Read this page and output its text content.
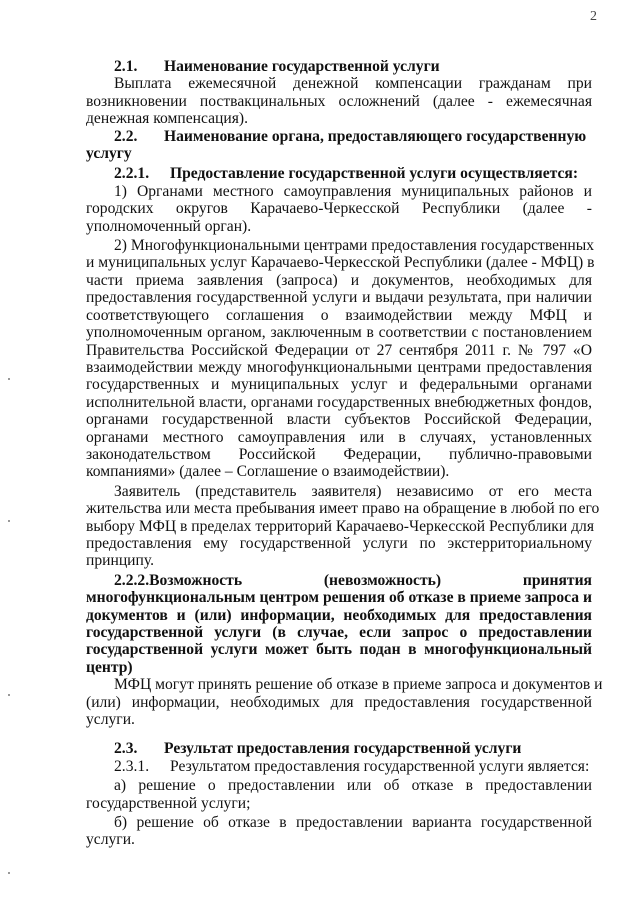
2
2.1. Наименование государственной услуги
Выплата ежемесячной денежной компенсации гражданам при
возникновении поствакцинальных осложнений (далее - ежемесячная
денежная компенсация).
2.2. Наименование органа, предоставляющего государственную
услугу
2.2.1. Предоставление государственной услуги осуществляется:
1) Органами местного самоуправления муниципальных районов и
городских округов Карачаево-Черкесской Республики (далее -
уполномоченный орган).
2) Многофункциональными центрами предоставления государственных
и муниципальных услуг Карачаево-Черкесской Республики (далее - МФЦ) в
части приема заявления (запроса) и документов, необходимых для
предоставления государственной услуги и выдачи результата, при наличии
соответствующего соглашения о взаимодействии между МФЦ и
уполномоченным органом, заключенным в соответствии с постановлением
Правительства Российской Федерации от 27 сентября 2011 г. № 797 «О
взаимодействии между многофункциональными центрами предоставления
государственных и муниципальных услуг и федеральными органами
исполнительной власти, органами государственных внебюджетных фондов,
органами государственной власти субъектов Российской Федерации,
органами местного самоуправления или в случаях, установленных
законодательством Российской Федерации, публично-правовыми
компаниями» (далее – Соглашение о взаимодействии).
Заявитель (представитель заявителя) независимо от его места
жительства или места пребывания имеет право на обращение в любой по его
выбору МФЦ в пределах территорий Карачаево-Черкесской Республики для
предоставления ему государственной услуги по экстерриториальному
принципу.
2.2.2.Возможность (невозможность) принятия
многофункциональным центром решения об отказе в приеме запроса и
документов и (или) информации, необходимых для предоставления
государственной услуги (в случае, если запрос о предоставлении
государственной услуги может быть подан в многофункциональный
центр)
МФЦ могут принять решение об отказе в приеме запроса и документов и
(или) информации, необходимых для предоставления государственной
услуги.
2.3. Результат предоставления государственной услуги
2.3.1. Результатом предоставления государственной услуги является:
а) решение о предоставлении или об отказе в предоставлении
государственной услуги;
б) решение об отказе в предоставлении варианта государственной
услуги.
